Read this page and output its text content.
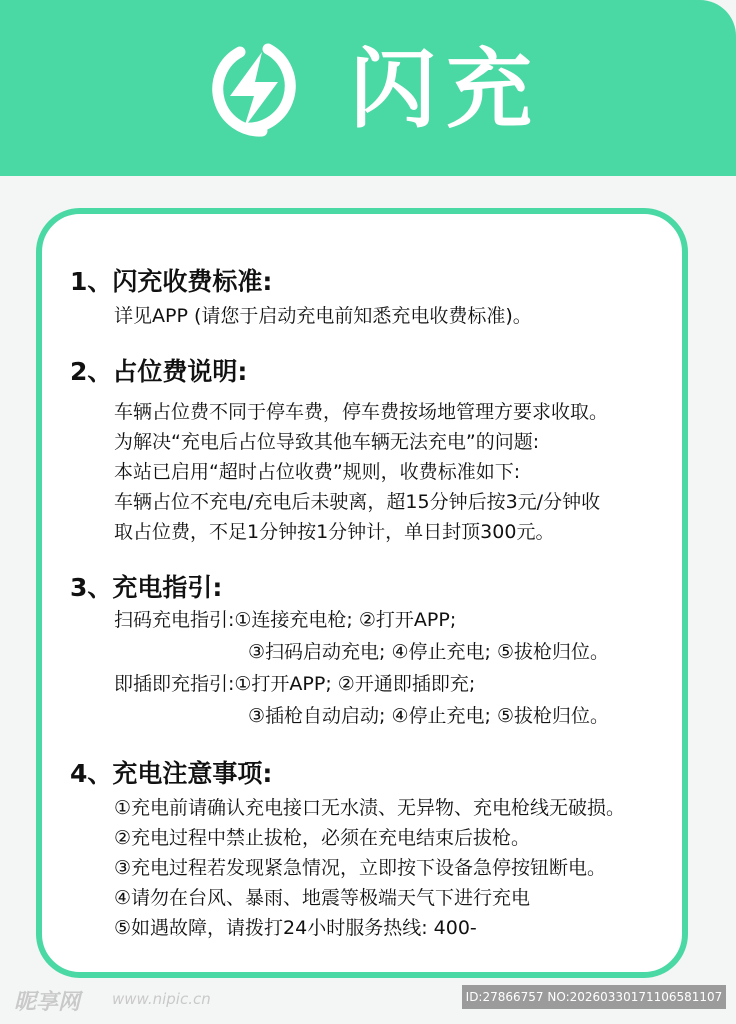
闪充
1、闪充收费标准:
详见APP (请您于启动充电前知悉充电收费标准)。
2、占位费说明:
车辆占位费不同于停车费，停车费按场地管理方要求收取。
为解决“充电后占位导致其他车辆无法充电”的问题:
本站已启用“超时占位收费”规则，收费标准如下:
车辆占位不充电/充电后未驶离，超15分钟后按3元/分钟收
取占位费，不足1分钟按1分钟计，单日封顶300元。
3、充电指引:
扫码充电指引:①连接充电枪; ②打开APP;
③扫码启动充电; ④停止充电; ⑤拔枪归位。
即插即充指引:①打开APP; ②开通即插即充;
③插枪自动启动; ④停止充电; ⑤拔枪归位。
4、充电注意事项:
①充电前请确认充电接口无水渍、无异物、充电枪线无破损。
②充电过程中禁止拔枪，必须在充电结束后拔枪。
③充电过程若发现紧急情况，立即按下设备急停按钮断电。
④请勿在台风、暴雨、地震等极端天气下进行充电
⑤如遇故障，请拨打24小时服务热线: 400-
昵享网 www.nipic.cn	ID:27866757 NO:20260330171106581107
